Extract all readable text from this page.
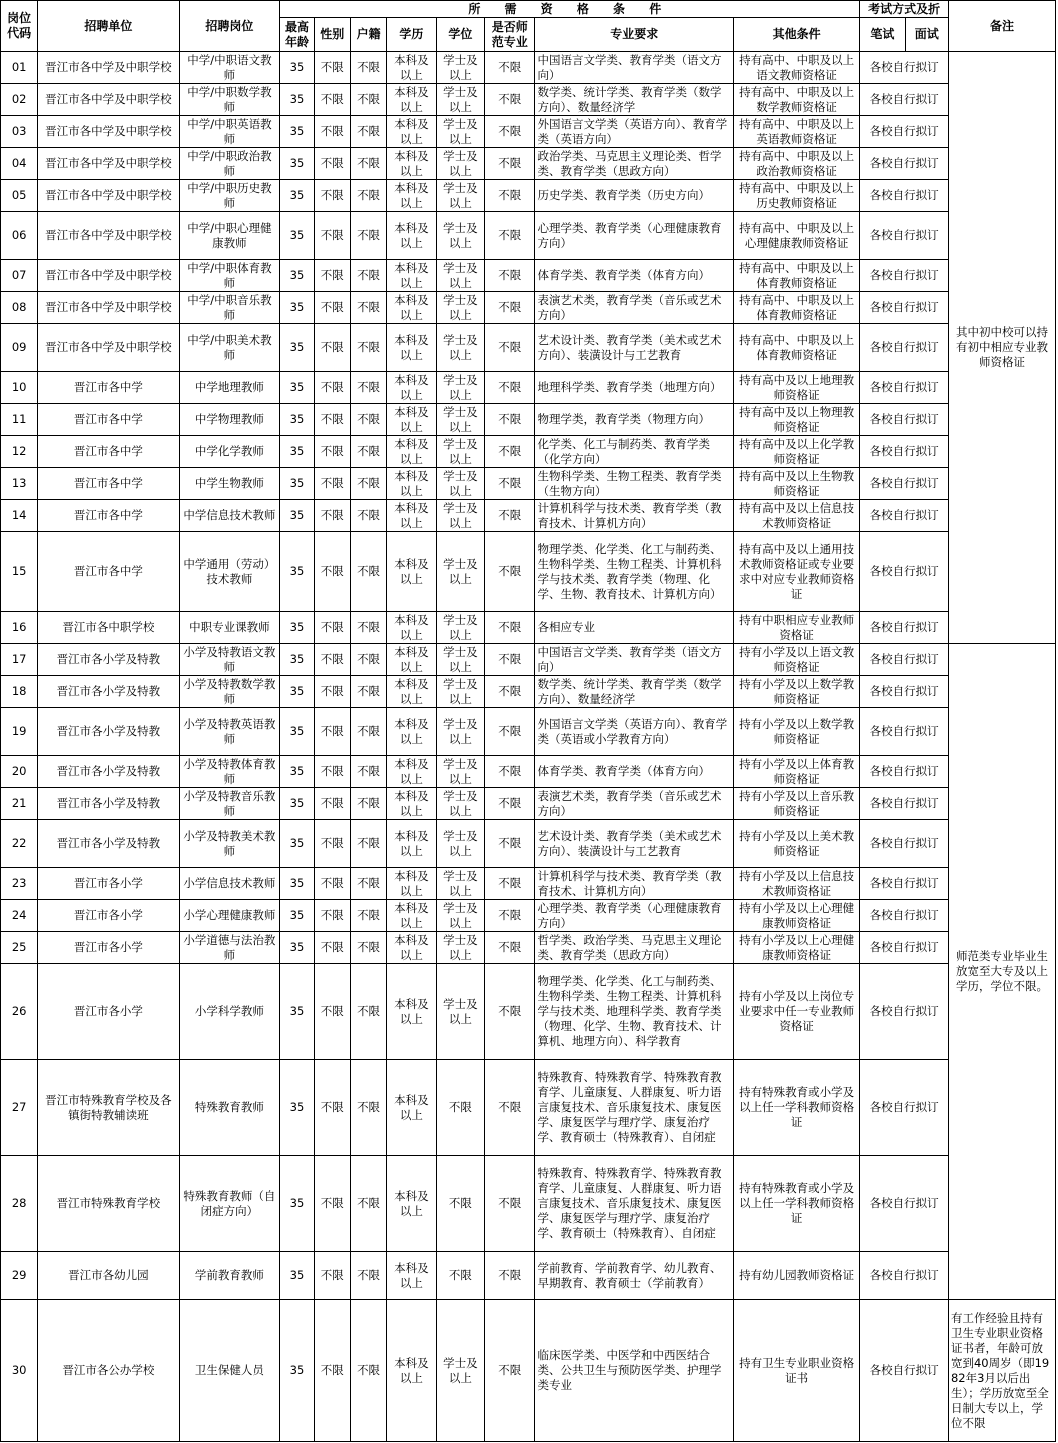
岗位代码	招聘单位	招聘岗位	所 需 资 格 条 件								考试方式及折		备注
			最高年龄	性别	户籍	学历	学位	是否师范专业	专业要求	其他条件	笔试	面试	
01	晋江市各中学及中职学校	中学/中职语文教师	35	不限	不限	本科及以上	学士及以上	不限	中国语言文学类、教育学类（语文方向）	持有高中、中职及以上语文教师资格证	各校自行拟订		其中初中校可以持有初中相应专业教师资格证
02	晋江市各中学及中职学校	中学/中职数学教师	35	不限	不限	本科及以上	学士及以上	不限	数学类、统计学类、教育学类（数学方向）、数量经济学	持有高中、中职及以上数学教师资格证	各校自行拟订		
03	晋江市各中学及中职学校	中学/中职英语教师	35	不限	不限	本科及以上	学士及以上	不限	外国语言文学类（英语方向）、教育学类（英语方向）	持有高中、中职及以上英语教师资格证	各校自行拟订		
04	晋江市各中学及中职学校	中学/中职政治教师	35	不限	不限	本科及以上	学士及以上	不限	政治学类、马克思主义理论类、哲学类、教育学类（思政方向）	持有高中、中职及以上政治教师资格证	各校自行拟订		
05	晋江市各中学及中职学校	中学/中职历史教师	35	不限	不限	本科及以上	学士及以上	不限	历史学类、教育学类（历史方向）	持有高中、中职及以上历史教师资格证	各校自行拟订		
06	晋江市各中学及中职学校	中学/中职心理健康教师	35	不限	不限	本科及以上	学士及以上	不限	心理学类、教育学类（心理健康教育方向）	持有高中、中职及以上心理健康教师资格证	各校自行拟订		
07	晋江市各中学及中职学校	中学/中职体育教师	35	不限	不限	本科及以上	学士及以上	不限	体育学类、教育学类（体育方向）	持有高中、中职及以上体育教师资格证	各校自行拟订		
08	晋江市各中学及中职学校	中学/中职音乐教师	35	不限	不限	本科及以上	学士及以上	不限	表演艺术类，教育学类（音乐或艺术方向）	持有高中、中职及以上体育教师资格证	各校自行拟订		
09	晋江市各中学及中职学校	中学/中职美术教师	35	不限	不限	本科及以上	学士及以上	不限	艺术设计类、教育学类（美术或艺术方向）、装潢设计与工艺教育	持有高中、中职及以上体育教师资格证	各校自行拟订		
10	晋江市各中学	中学地理教师	35	不限	不限	本科及以上	学士及以上	不限	地理科学类、教育学类（地理方向）	持有高中及以上地理教师资格证	各校自行拟订		
11	晋江市各中学	中学物理教师	35	不限	不限	本科及以上	学士及以上	不限	物理学类，教育学类（物理方向）	持有高中及以上物理教师资格证	各校自行拟订		
12	晋江市各中学	中学化学教师	35	不限	不限	本科及以上	学士及以上	不限	化学类、化工与制药类、教育学类（化学方向）	持有高中及以上化学教师资格证	各校自行拟订		
13	晋江市各中学	中学生物教师	35	不限	不限	本科及以上	学士及以上	不限	生物科学类、生物工程类、教育学类（生物方向）	持有高中及以上生物教师资格证	各校自行拟订		
14	晋江市各中学	中学信息技术教师	35	不限	不限	本科及以上	学士及以上	不限	计算机科学与技术类、教育学类（教育技术、计算机方向）	持有高中及以上信息技术教师资格证	各校自行拟订		
15	晋江市各中学	中学通用（劳动）技术教师	35	不限	不限	本科及以上	学士及以上	不限	物理学类、化学类、化工与制药类、生物科学类、生物工程类、计算机科学与技术类、教育学类（物理、化学、生物、教育技术、计算机方向）	持有高中及以上通用技术教师资格证或专业要求中对应专业教师资格证	各校自行拟订		
16	晋江市各中职学校	中职专业课教师	35	不限	不限	本科及以上	学士及以上	不限	各相应专业	持有中职相应专业教师资格证	各校自行拟订		
17	晋江市各小学及特教	小学及特教语文教师	35	不限	不限	本科及以上	学士及以上	不限	中国语言文学类、教育学类（语文方向）	持有小学及以上语文教师资格证	各校自行拟订		师范类专业毕业生放宽至大专及以上学历，学位不限。
18	晋江市各小学及特教	小学及特教数学教师	35	不限	不限	本科及以上	学士及以上	不限	数学类、统计学类、教育学类（数学方向）、数量经济学	持有小学及以上数学教师资格证	各校自行拟订		
19	晋江市各小学及特教	小学及特教英语教师	35	不限	不限	本科及以上	学士及以上	不限	外国语言文学类（英语方向）、教育学类（英语或小学教育方向）	持有小学及以上数学教师资格证	各校自行拟订		
20	晋江市各小学及特教	小学及特教体育教师	35	不限	不限	本科及以上	学士及以上	不限	体育学类、教育学类（体育方向）	持有小学及以上体育教师资格证	各校自行拟订		
21	晋江市各小学及特教	小学及特教音乐教师	35	不限	不限	本科及以上	学士及以上	不限	表演艺术类，教育学类（音乐或艺术方向）	持有小学及以上音乐教师资格证	各校自行拟订		
22	晋江市各小学及特教	小学及特教美术教师	35	不限	不限	本科及以上	学士及以上	不限	艺术设计类、教育学类（美术或艺术方向）、装潢设计与工艺教育	持有小学及以上美术教师资格证	各校自行拟订		
23	晋江市各小学	小学信息技术教师	35	不限	不限	本科及以上	学士及以上	不限	计算机科学与技术类、教育学类（教育技术、计算机方向）	持有小学及以上信息技术教师资格证	各校自行拟订		
24	晋江市各小学	小学心理健康教师	35	不限	不限	本科及以上	学士及以上	不限	心理学类、教育学类（心理健康教育方向）	持有小学及以上心理健康教师资格证	各校自行拟订		
25	晋江市各小学	小学道德与法治教师	35	不限	不限	本科及以上	学士及以上	不限	哲学类、政治学类、马克思主义理论类、教育学类（思政方向）	持有小学及以上心理健康教师资格证	各校自行拟订		
26	晋江市各小学	小学科学教师	35	不限	不限	本科及以上	学士及以上	不限	物理学类、化学类、化工与制药类、生物科学类、生物工程类、计算机科学与技术类、地理科学类、教育学类（物理、化学、生物、教育技术、计算机、地理方向）、科学教育	持有小学及以上岗位专业要求中任一专业教师资格证	各校自行拟订		
27	晋江市特殊教育学校及各镇街特教辅读班	特殊教育教师	35	不限	不限	本科及以上	不限	不限	特殊教育、特殊教育学、特殊教育教育学、儿童康复、人群康复、听力语言康复技术、音乐康复技术、康复医学、康复医学与理疗学、康复治疗学、教育硕士（特殊教育）、自闭症	持有特殊教育或小学及以上任一学科教师资格证	各校自行拟订		
28	晋江市特殊教育学校	特殊教育教师（自闭症方向）	35	不限	不限	本科及以上	不限	不限	特殊教育、特殊教育学、特殊教育教育学、儿童康复、人群康复、听力语言康复技术、音乐康复技术、康复医学、康复医学与理疗学、康复治疗学、教育硕士（特殊教育）、自闭症	持有特殊教育或小学及以上任一学科教师资格证	各校自行拟订		
29	晋江市各幼儿园	学前教育教师	35	不限	不限	本科及以上	不限	不限	学前教育、学前教育学、幼儿教育、早期教育、教育硕士（学前教育）	持有幼儿园教师资格证	各校自行拟订		
30	晋江市各公办学校	卫生保健人员	35	不限	不限	本科及以上	学士及以上	不限	临床医学类、中医学和中西医结合类、公共卫生与预防医学类、护理学类专业	持有卫生专业职业资格证书	各校自行拟订		有工作经验且持有卫生专业职业资格证书者，年龄可放宽到40周岁（即1982年3月以后出生）；学历放宽至全日制大专以上，学位不限
